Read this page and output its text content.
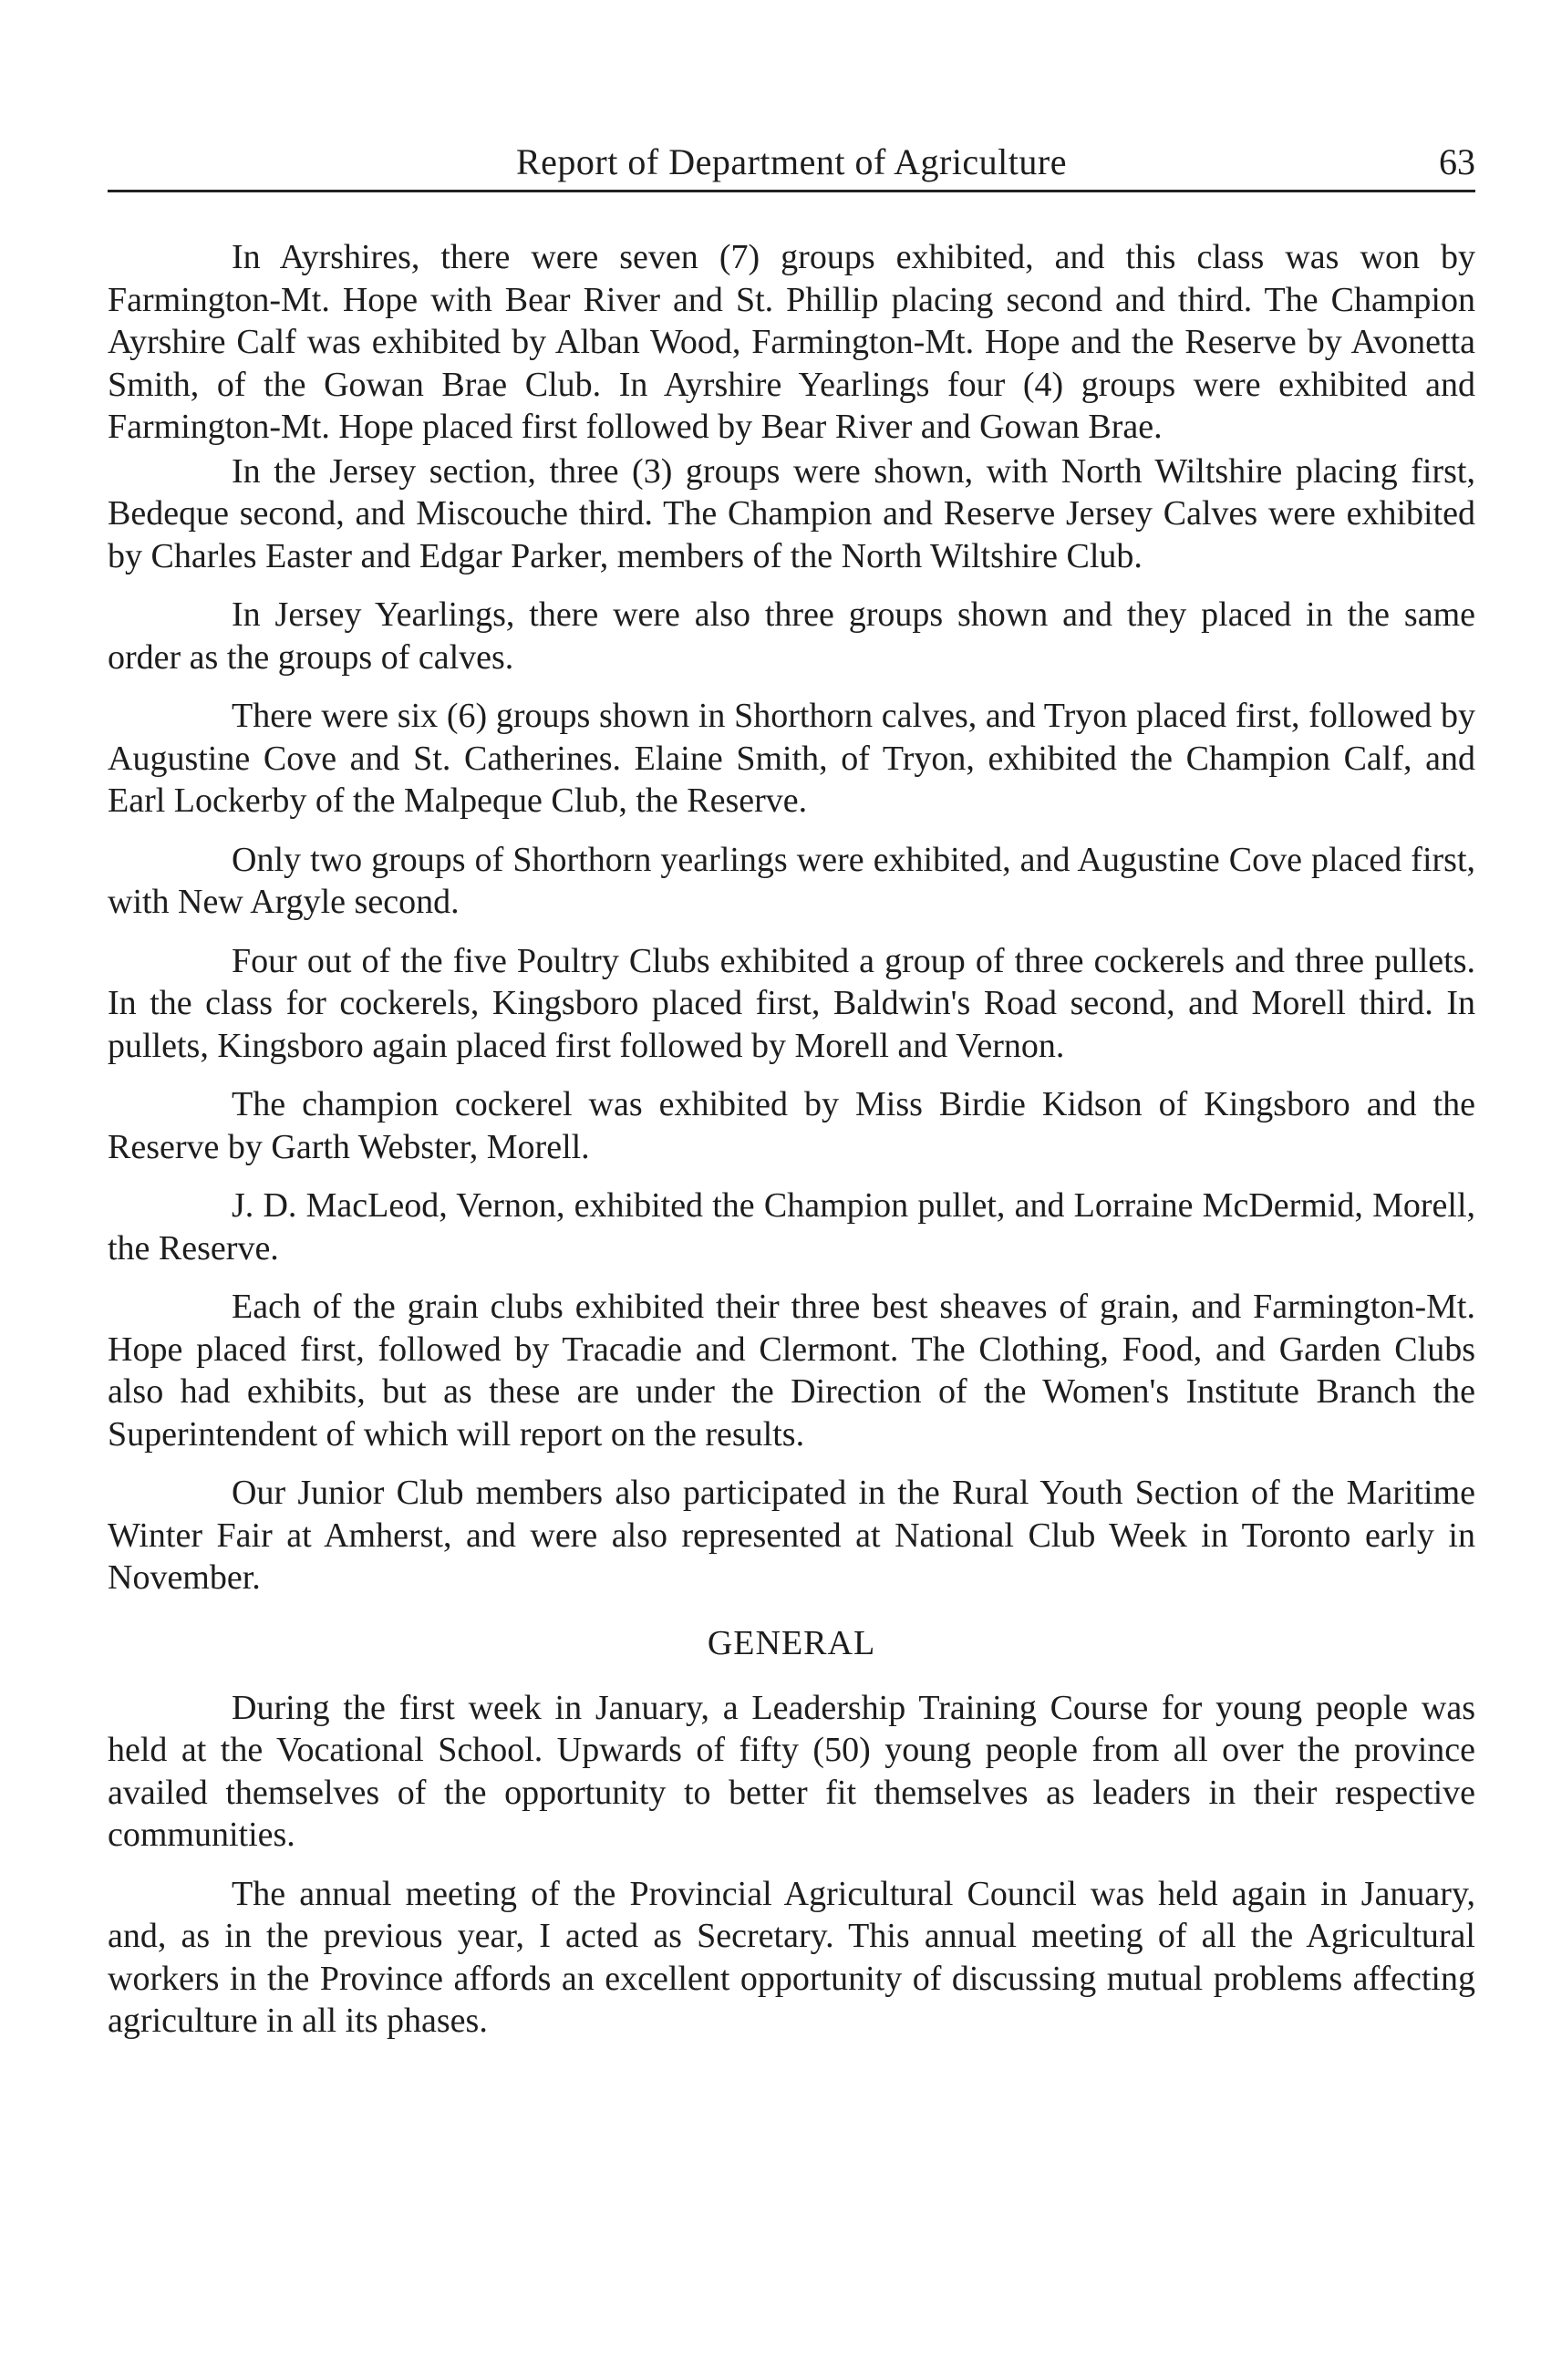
Report of Department of Agriculture	63

In Ayrshires, there were seven (7) groups exhibited, and this class was won by Farmington-Mt. Hope with Bear River and St. Phillip placing second and third. The Champion Ayrshire Calf was exhibited by Alban Wood, Farmington-Mt. Hope and the Reserve by Avonetta Smith, of the Gowan Brae Club. In Ayrshire Yearlings four (4) groups were exhibited and Farmington-Mt. Hope placed first followed by Bear River and Gowan Brae.

In the Jersey section, three (3) groups were shown, with North Wiltshire placing first, Bedeque second, and Miscouche third. The Champion and Reserve Jersey Calves were exhibited by Charles Easter and Edgar Parker, members of the North Wiltshire Club.

In Jersey Yearlings, there were also three groups shown and they placed in the same order as the groups of calves.

There were six (6) groups shown in Shorthorn calves, and Tryon placed first, followed by Augustine Cove and St. Catherines. Elaine Smith, of Tryon, exhibited the Champion Calf, and Earl Lockerby of the Malpeque Club, the Reserve.

Only two groups of Shorthorn yearlings were exhibited, and Augustine Cove placed first, with New Argyle second.

Four out of the five Poultry Clubs exhibited a group of three cockerels and three pullets. In the class for cockerels, Kingsboro placed first, Baldwin's Road second, and Morell third. In pullets, Kingsboro again placed first followed by Morell and Vernon.

The champion cockerel was exhibited by Miss Birdie Kidson of Kingsboro and the Reserve by Garth Webster, Morell.

J. D. MacLeod, Vernon, exhibited the Champion pullet, and Lorraine McDermid, Morell, the Reserve.

Each of the grain clubs exhibited their three best sheaves of grain, and Farmington-Mt. Hope placed first, followed by Tracadie and Clermont. The Clothing, Food, and Garden Clubs also had exhibits, but as these are under the Direction of the Women's Institute Branch the Superintendent of which will report on the results.

Our Junior Club members also participated in the Rural Youth Section of the Maritime Winter Fair at Amherst, and were also represented at National Club Week in Toronto early in November.

GENERAL

During the first week in January, a Leadership Training Course for young people was held at the Vocational School. Upwards of fifty (50) young people from all over the province availed themselves of the opportunity to better fit themselves as leaders in their respective communities.

The annual meeting of the Provincial Agricultural Council was held again in January, and, as in the previous year, I acted as Secretary. This annual meeting of all the Agricultural workers in the Province affords an excellent opportunity of discussing mutual problems affecting agriculture in all its phases.
